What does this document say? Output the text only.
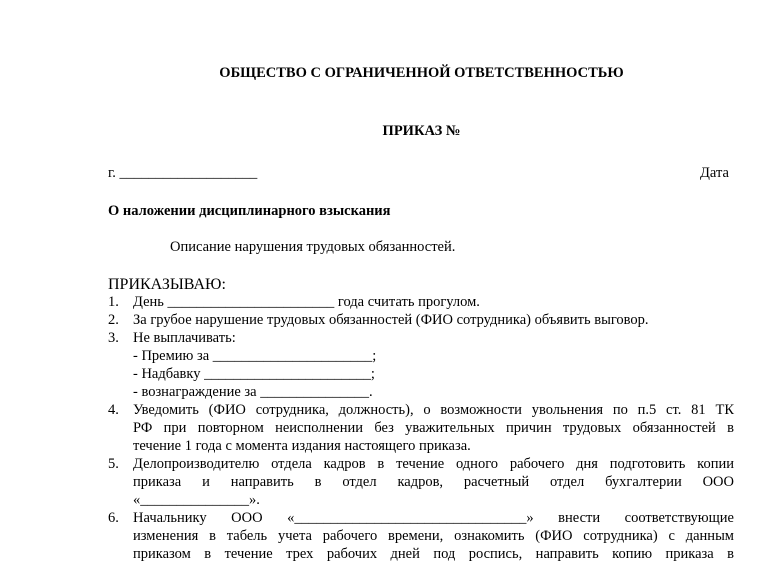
ОБЩЕСТВО С ОГРАНИЧЕННОЙ ОТВЕТСТВЕННОСТЬЮ
ПРИКАЗ №
г. ___________________	Дата
О наложении дисциплинарного взыскания
Описание нарушения трудовых обязанностей.
ПРИКАЗЫВАЮ:
1. День _______________________ года считать прогулом.
2. За грубое нарушение трудовых обязанностей (ФИО сотрудника) объявить выговор.
3. Не выплачивать:
- Премию за ______________________;
- Надбавку _______________________;
- вознаграждение за _______________.
4. Уведомить (ФИО сотрудника, должность), о возможности увольнения по п.5 ст. 81 ТК
РФ при повторном неисполнении без уважительных причин трудовых обязанностей в
течение 1 года с момента издания настоящего приказа.
5. Делопроизводителю отдела кадров в течение одного рабочего дня подготовить копии
приказа и направить в отдел кадров, расчетный отдел бухгалтерии ООО
«_______________».
6. Начальнику ООО «________________________________» внести соответствующие
изменения в табель учета рабочего времени, ознакомить (ФИО сотрудника) с данным
приказом в течение трех рабочих дней под роспись, направить копию приказа в
